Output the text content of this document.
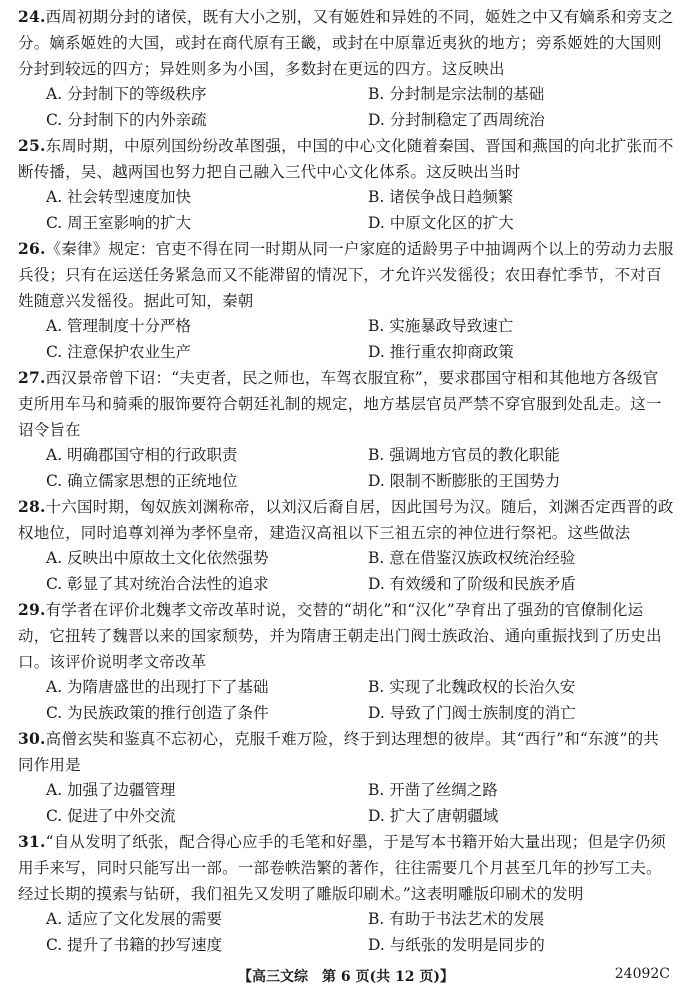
24.西周初期分封的诸侯，既有大小之别，又有姬姓和异姓的不同，姬姓之中又有嫡系和旁支之分。嫡系姬姓的大国，或封在商代原有王畿，或封在中原靠近夷狄的地方；旁系姬姓的大国则分封到较远的四方；异姓则多为小国，多数封在更远的四方。这反映出

A. 分封制下的等级秩序	B. 分封制是宗法制的基础
C. 分封制下的内外亲疏	D. 分封制稳定了西周统治

25.东周时期，中原列国纷纷改革图强，中国的中心文化随着秦国、晋国和燕国的向北扩张而不断传播，吴、越两国也努力把自己融入三代中心文化体系。这反映出当时

A. 社会转型速度加快	B. 诸侯争战日趋频繁
C. 周王室影响的扩大	D. 中原文化区的扩大

26.《秦律》规定：官吏不得在同一时期从同一户家庭的适龄男子中抽调两个以上的劳动力去服兵役；只有在运送任务紧急而又不能滞留的情况下，才允许兴发徭役；农田春忙季节，不对百姓随意兴发徭役。据此可知，秦朝

A. 管理制度十分严格	B. 实施暴政导致速亡
C. 注意保护农业生产	D. 推行重农抑商政策

27.西汉景帝曾下诏：“夫吏者，民之师也，车驾衣服宜称”，要求郡国守相和其他地方各级官吏所用车马和骑乘的服饰要符合朝廷礼制的规定，地方基层官员严禁不穿官服到处乱走。这一诏令旨在

A. 明确郡国守相的行政职责	B. 强调地方官员的教化职能
C. 确立儒家思想的正统地位	D. 限制不断膨胀的王国势力

28.十六国时期，匈奴族刘渊称帝，以刘汉后裔自居，因此国号为汉。随后，刘渊否定西晋的政权地位，同时追尊刘禅为孝怀皇帝，建造汉高祖以下三祖五宗的神位进行祭祀。这些做法

A. 反映出中原故土文化依然强势	B. 意在借鉴汉族政权统治经验
C. 彰显了其对统治合法性的追求	D. 有效缓和了阶级和民族矛盾

29.有学者在评价北魏孝文帝改革时说，交替的“胡化”和“汉化”孕育出了强劲的官僚制化运动，它扭转了魏晋以来的国家颓势，并为隋唐王朝走出门阀士族政治、通向重振找到了历史出口。该评价说明孝文帝改革

A. 为隋唐盛世的出现打下了基础	B. 实现了北魏政权的长治久安
C. 为民族政策的推行创造了条件	D. 导致了门阀士族制度的消亡

30.高僧玄奘和鉴真不忘初心，克服千难万险，终于到达理想的彼岸。其“西行”和“东渡”的共同作用是

A. 加强了边疆管理	B. 开凿了丝绸之路
C. 促进了中外交流	D. 扩大了唐朝疆域

31.“自从发明了纸张，配合得心应手的毛笔和好墨，于是写本书籍开始大量出现；但是字仍须用手来写，同时只能写出一部。一部卷帙浩繁的著作，往往需要几个月甚至几年的抄写工夫。经过长期的摸索与钻研，我们祖先又发明了雕版印刷术。”这表明雕版印刷术的发明

A. 适应了文化发展的需要	B. 有助于书法艺术的发展
C. 提升了书籍的抄写速度	D. 与纸张的发明是同步的
【高三文综　第 6 页(共 12 页)】	24092C
